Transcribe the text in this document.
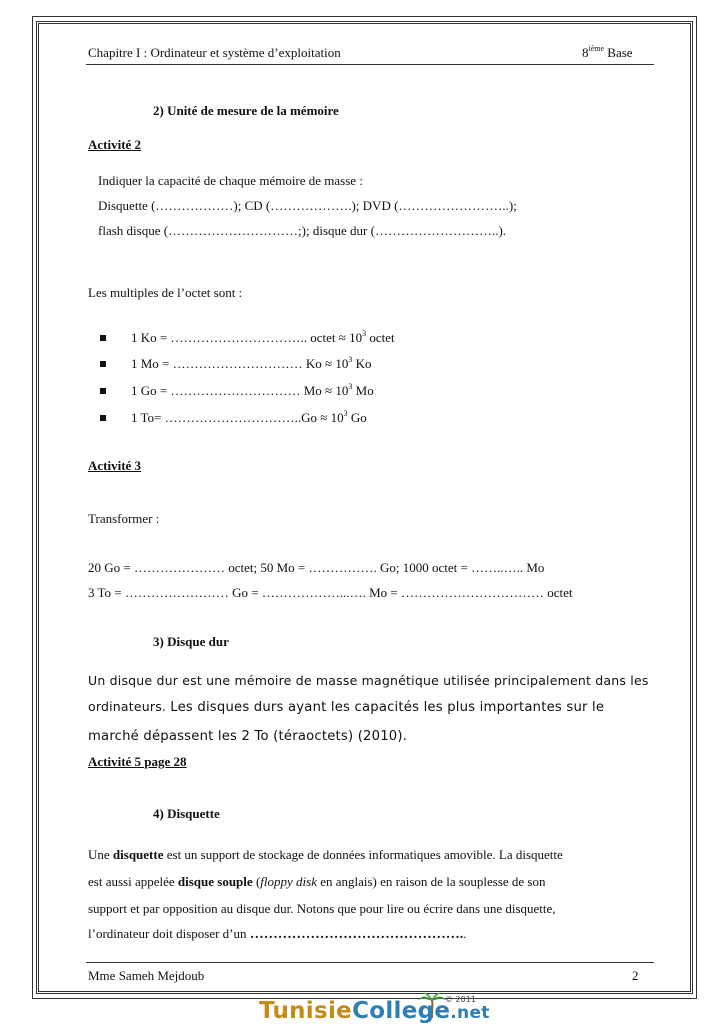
Chapitre I : Ordinateur et système d’exploitation	8ième Base
2) Unité de mesure de la mémoire
Activité 2
Indiquer la capacité de chaque mémoire de masse :
Disquette (………………); CD (……………….); DVD (……………………..);
flash disque (…………………………;); disque dur (………………………..).
Les multiples de l’octet sont :
1 Ko = ………………………….. octet ≈ $10^3$ octet
1 Mo = ………………………… $Ko \approx 10^3$ Ko
1 Go = ………………………… $Mo \approx 10^3$ Mo
1 To= …………………………..Go ≈ $10^3$ Go
Activité 3
Transformer :
20 Go = ………………… octet; 50 Mo = ……………. Go; 1000 octet = ……..….. Mo
3 To = …………………… Go = ………………...…. Mo = …………………………… octet
3) Disque dur
Un disque dur est une mémoire de masse magnétique utilisée principalement dans les
ordinateurs. Les disques durs ayant les capacités les plus importantes sur le
marché dépassent les 2 To (téraoctets) (2010).
Activité 5 page 28
4) Disquette
Une disquette est un support de stockage de données informatiques amovible. La disquette
est aussi appelée disque souple (floppy disk en anglais) en raison de la souplesse de son
support et par opposition au disque dur. Notons que pour lire ou écrire dans une disquette,
l’ordinateur doit disposer d’un ………………………………………..
Mme Sameh Mejdoub	2
© 2011
TunisieCollege.net
